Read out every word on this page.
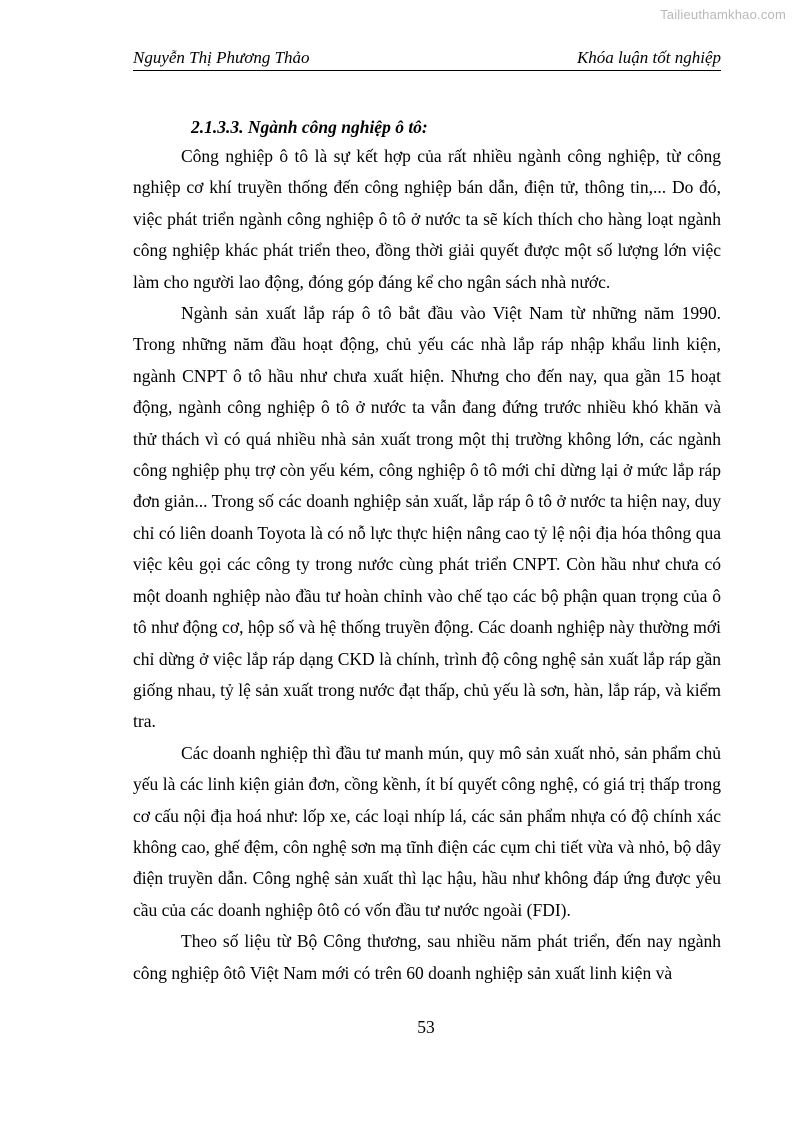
Tailieuthamkhao.com
Nguyễn Thị Phương Thảo	Khóa luận tốt nghiệp
2.1.3.3. Ngành công nghiệp ô tô:

Công nghiệp ô tô là sự kết hợp của rất nhiều ngành công nghiệp, từ công nghiệp cơ khí truyền thống đến công nghiệp bán dẫn, điện tử, thông tin,... Do đó, việc phát triển ngành công nghiệp ô tô ở nước ta sẽ kích thích cho hàng loạt ngành công nghiệp khác phát triển theo, đồng thời giải quyết được một số lượng lớn việc làm cho người lao động, đóng góp đáng kể cho ngân sách nhà nước.

Ngành sản xuất lắp ráp ô tô bắt đầu vào Việt Nam từ những năm 1990. Trong những năm đầu hoạt động, chủ yếu các nhà lắp ráp nhập khẩu linh kiện, ngành CNPT ô tô hầu như chưa xuất hiện. Nhưng cho đến nay, qua gần 15 hoạt động, ngành công nghiệp ô tô ở nước ta vẫn đang đứng trước nhiều khó khăn và thử thách vì có quá nhiều nhà sản xuất trong một thị trường không lớn, các ngành công nghiệp phụ trợ còn yếu kém, công nghiệp ô tô mới chỉ dừng lại ở mức lắp ráp đơn giản... Trong số các doanh nghiệp sản xuất, lắp ráp ô tô ở nước ta hiện nay, duy chỉ có liên doanh Toyota là có nỗ lực thực hiện nâng cao tỷ lệ nội địa hóa thông qua việc kêu gọi các công ty trong nước cùng phát triển CNPT. Còn hầu như chưa có một doanh nghiệp nào đầu tư hoàn chỉnh vào chế tạo các bộ phận quan trọng của ô tô như động cơ, hộp số và hệ thống truyền động. Các doanh nghiệp này thường mới chỉ dừng ở việc lắp ráp dạng CKD là chính, trình độ công nghệ sản xuất lắp ráp gần giống nhau, tỷ lệ sản xuất trong nước đạt thấp, chủ yếu là sơn, hàn, lắp ráp, và kiểm tra.

Các doanh nghiệp thì đầu tư manh mún, quy mô sản xuất nhỏ, sản phẩm chủ yếu là các linh kiện giản đơn, cồng kềnh, ít bí quyết công nghệ, có giá trị thấp trong cơ cấu nội địa hoá như: lốp xe, các loại nhíp lá, các sản phẩm nhựa có độ chính xác không cao, ghế đệm, côn nghệ sơn mạ tĩnh điện các cụm chi tiết vừa và nhỏ, bộ dây điện truyền dẫn. Công nghệ sản xuất thì lạc hậu, hầu như không đáp ứng được yêu cầu của các doanh nghiệp ôtô có vốn đầu tư nước ngoài (FDI).

Theo số liệu từ Bộ Công thương, sau nhiều năm phát triển, đến nay ngành công nghiệp ôtô Việt Nam mới có trên 60 doanh nghiệp sản xuất linh kiện và

53
